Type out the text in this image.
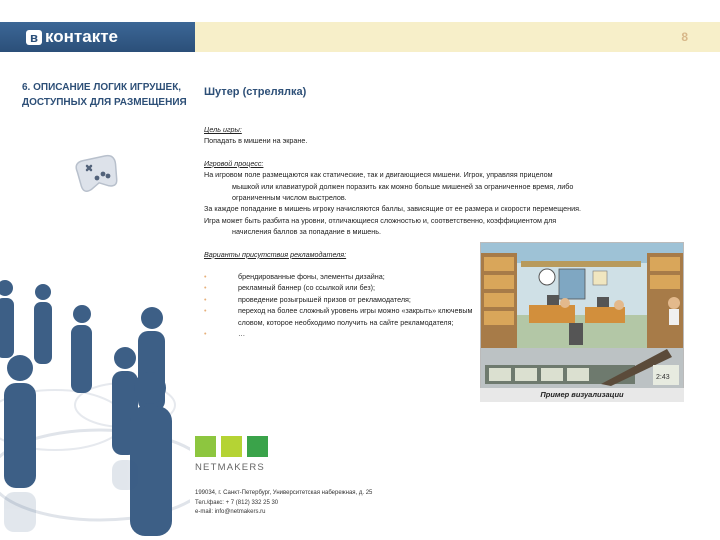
в контакте	8
6. ОПИСАНИЕ ЛОГИК ИГРУШЕК, ДОСТУПНЫХ ДЛЯ РАЗМЕЩЕНИЯ
Шутер (стрелялка)

Цель игры:

Попадать в мишени на экране.

Игровой процесс:

На игровом поле размещаются как статические, так и двигающиеся мишени. Игрок, управляя прицелом

мышкой или клавиатурой должен поразить как можно больше мишеней за ограниченное время, либо

ограниченным числом выстрелов.

За каждое попадание в мишень игроку начисляются баллы, зависящие от ее размера и скорости перемещения.

Игра может быть разбита на уровни, отличающиеся сложностью и, соответственно, коэффициентом для

начисления баллов за попадание в мишень.

Варианты присутствия рекламодателя:

• брендированные фоны, элементы дизайна;
• рекламный баннер (со ссылкой или без);
• проведение розыгрышей призов от рекламодателя;
• переход на более сложный уровень игры можно «закрыть» ключевым словом, которое необходимо получить на сайте рекламодателя;
• …
2:43
Пример визуализации
NETMAKERS

199034, г. Санкт-Петербург, Университетская набережная, д. 25

Тел./факс: + 7 (812) 332 25 30

e-mail: info@netmakers.ru
